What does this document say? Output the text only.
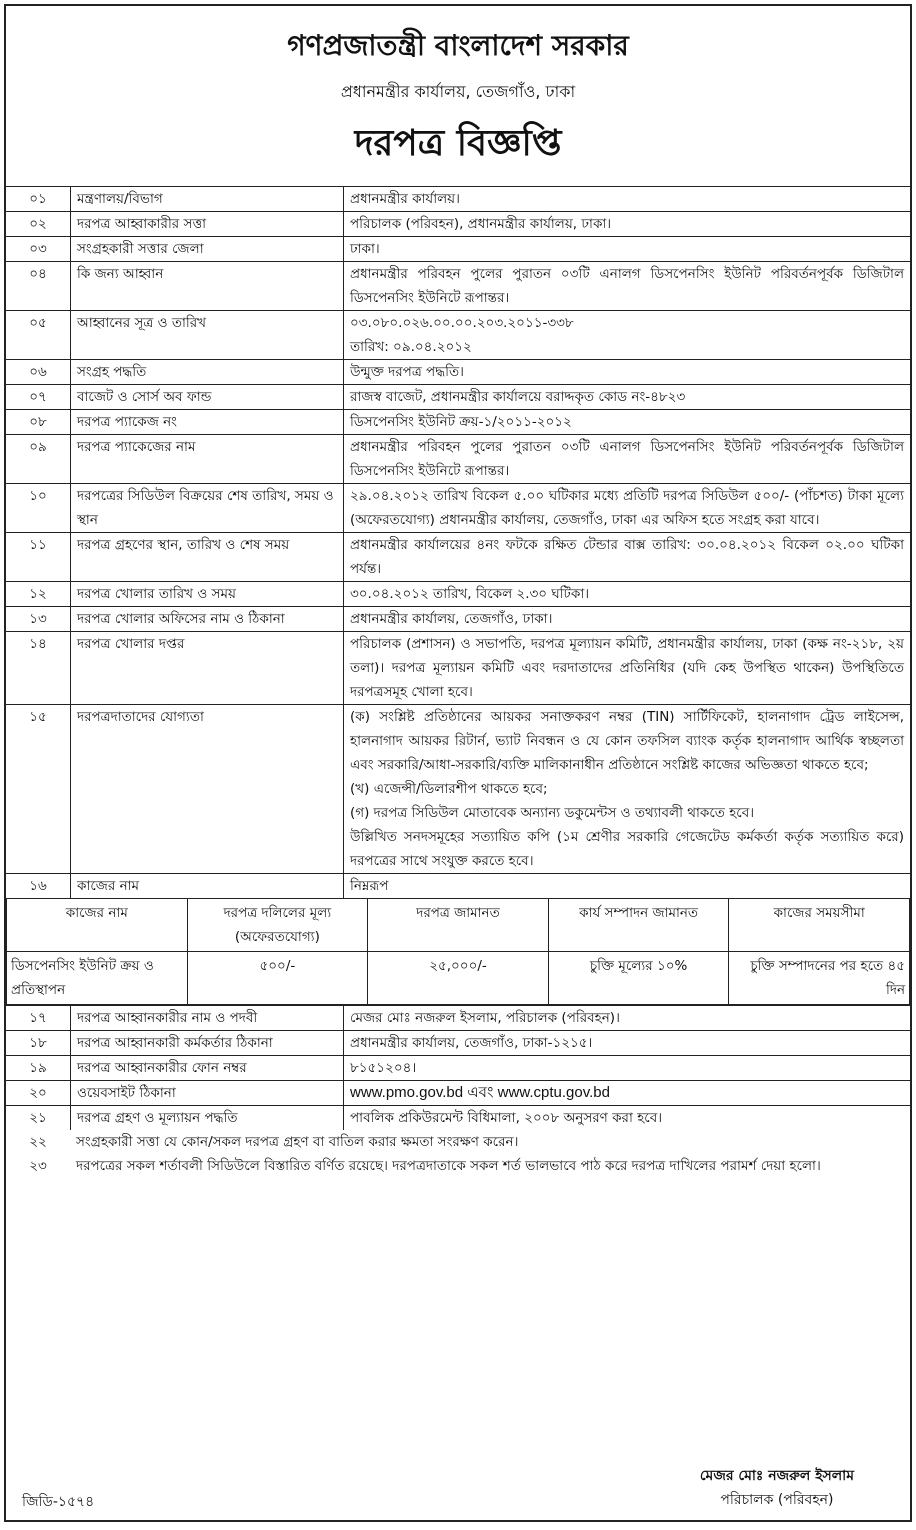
গণপ্রজাতন্ত্রী বাংলাদেশ সরকার
প্রধানমন্ত্রীর কার্যালয়, তেজগাঁও, ঢাকা
দরপত্র বিজ্ঞপ্তি
০১	মন্ত্রণালয়/বিভাগ	প্রধানমন্ত্রীর কার্যালয়।

০২	দরপত্র আহ্বাকারীর সত্তা	পরিচালক (পরিবহন), প্রধানমন্ত্রীর কার্যালয়, ঢাকা।

০৩	সংগ্রহকারী সত্তার জেলা	ঢাকা।

০৪	কি জন্য আহ্বান	প্রধানমন্ত্রীর পরিবহন পুলের পুরাতন ০৩টি এনালগ ডিসপেনসিং ইউনিট পরিবর্তনপূর্বক ডিজিটাল ডিসপেনসিং ইউনিটে রূপান্তর।

০৫	আহ্বানের সূত্র ও তারিখ	০৩.০৮০.০২৬.০০.০০.২০৩.২০১১-৩৩৮
তারিখ: ০৯.০৪.২০১২

০৬	সংগ্রহ পদ্ধতি	উন্মুক্ত দরপত্র পদ্ধতি।

০৭	বাজেট ও সোর্স অব ফান্ড	রাজস্ব বাজেট, প্রধানমন্ত্রীর কার্যালয়ে বরাদ্দকৃত কোড নং-৪৮২৩

০৮	দরপত্র প্যাকেজ নং	ডিসপেনসিং ইউনিট ক্রয়-১/২০১১-২০১২

০৯	দরপত্র প্যাকেজের নাম	প্রধানমন্ত্রীর পরিবহন পুলের পুরাতন ০৩টি এনালগ ডিসপেনসিং ইউনিট পরিবর্তনপূর্বক ডিজিটাল ডিসপেনসিং ইউনিটে রূপান্তর।

১০	দরপত্রের সিডিউল বিক্রয়ের শেষ তারিখ, সময় ও স্থান	২৯.০৪.২০১২ তারিখ বিকেল ৫.০০ ঘটিকার মধ্যে প্রতিটি দরপত্র সিডিউল ৫০০/- (পাঁচশত) টাকা মূল্যে (অফেরতযোগ্য) প্রধানমন্ত্রীর কার্যালয়, তেজগাঁও, ঢাকা এর অফিস হতে সংগ্রহ করা যাবে।

১১	দরপত্র গ্রহণের স্থান, তারিখ ও শেষ সময়	প্রধানমন্ত্রীর কার্যালয়ের ৪নং ফটকে রক্ষিত টেন্ডার বাক্স তারিখ: ৩০.০৪.২০১২ বিকেল ০২.০০ ঘটিকা পর্যন্ত।

১২	দরপত্র খোলার তারিখ ও সময়	৩০.০৪.২০১২ তারিখ, বিকেল ২.৩০ ঘটিকা।

১৩	দরপত্র খোলার অফিসের নাম ও ঠিকানা	প্রধানমন্ত্রীর কার্যালয়, তেজগাঁও, ঢাকা।

১৪	দরপত্র খোলার দপ্তর	পরিচালক (প্রশাসন) ও সভাপতি, দরপত্র মূল্যায়ন কমিটি, প্রধানমন্ত্রীর কার্যালয়, ঢাকা (কক্ষ নং-২১৮, ২য় তলা)। দরপত্র মূল্যায়ন কমিটি এবং দরদাতাদের প্রতিনিধির (যদি কেহ উপস্থিত থাকেন) উপস্থিতিতে দরপত্রসমূহ খোলা হবে।

১৫	দরপত্রদাতাদের যোগ্যতা	(ক) সংশ্লিষ্ট প্রতিষ্ঠানের আয়কর সনাক্তকরণ নম্বর (TIN) সার্টিফিকেট, হালনাগাদ ট্রেড লাইসেন্স, হালনাগাদ আয়কর রিটার্ন, ভ্যাট নিবন্ধন ও যে কোন তফসিল ব্যাংক কর্তৃক হালনাগাদ আর্থিক স্বচ্ছলতা এবং সরকারি/আধা-সরকারি/ব্যক্তি মালিকানাধীন প্রতিষ্ঠানে সংশ্লিষ্ট কাজের অভিজ্ঞতা থাকতে হবে;
(খ) এজেন্সী/ডিলারশীপ থাকতে হবে;
(গ) দরপত্র সিডিউল মোতাবেক অন্যান্য ডকুমেন্টস ও তথ্যাবলী থাকতে হবে।
উল্লিখিত সনদসমূহের সত্যায়িত কপি (১ম শ্রেণীর সরকারি গেজেটেড কর্মকর্তা কর্তৃক সত্যায়িত করে) দরপত্রের সাথে সংযুক্ত করতে হবে।

১৬	কাজের নাম	নিম্নরূপ
কাজের নাম	দরপত্র দলিলের মূল্য (অফেরতযোগ্য)	দরপত্র জামানত	কার্য সম্পাদন জামানত	কাজের সময়সীমা
ডিসপেনসিং ইউনিট ক্রয় ও প্রতিস্থাপন	৫০০/-	২৫,০০০/-	চুক্তি মূল্যের ১০%	চুক্তি সম্পাদনের পর হতে ৪৫ দিন
১৭	দরপত্র আহ্বানকারীর নাম ও পদবী	মেজর মোঃ নজরুল ইসলাম, পরিচালক (পরিবহন)।
১৮	দরপত্র আহ্বানকারী কর্মকর্তার ঠিকানা	প্রধানমন্ত্রীর কার্যালয়, তেজগাঁও, ঢাকা-১২১৫।
১৯	দরপত্র আহ্বানকারীর ফোন নম্বর	৮১৫১২০৪।
২০	ওয়েবসাইট ঠিকানা	www.pmo.gov.bd এবং www.cptu.gov.bd
২১	দরপত্র গ্রহণ ও মূল্যায়ন পদ্ধতি	পাবলিক প্রকিউরমেন্ট বিধিমালা, ২০০৮ অনুসরণ করা হবে।
২২	সংগ্রহকারী সত্তা যে কোন/সকল দরপত্র গ্রহণ বা বাতিল করার ক্ষমতা সংরক্ষণ করেন।
২৩	দরপত্রের সকল শর্তাবলী সিডিউলে বিস্তারিত বর্ণিত রয়েছে। দরপত্রদাতাকে সকল শর্ত ভালভাবে পাঠ করে দরপত্র দাখিলের পরামর্শ দেয়া হলো।
জিডি-১৫৭৪
মেজর মোঃ নজরুল ইসলাম
পরিচালক (পরিবহন)
